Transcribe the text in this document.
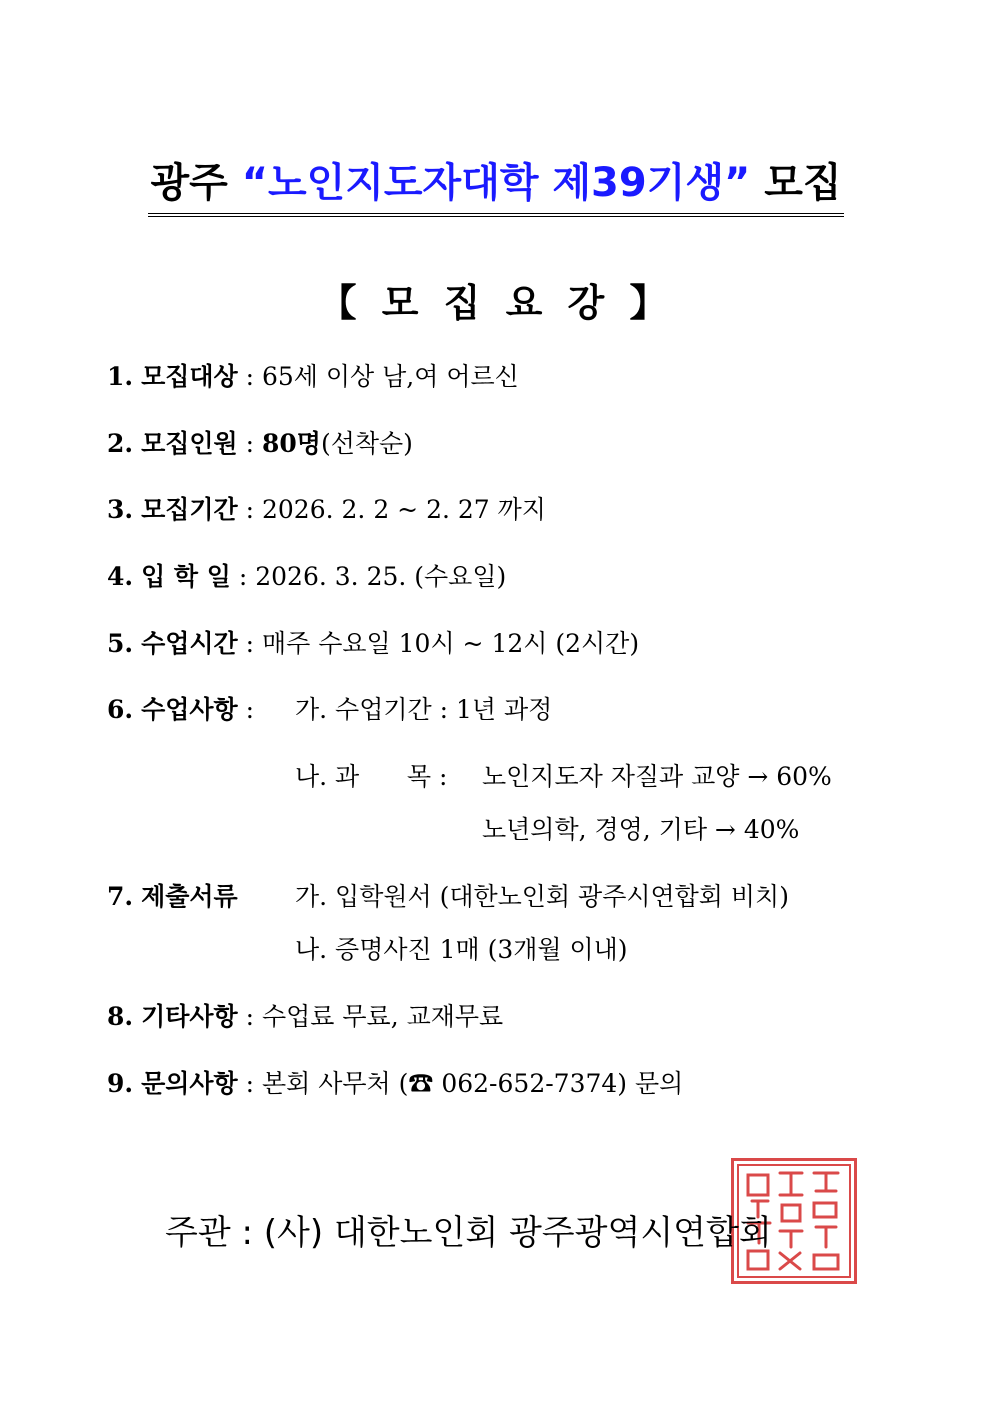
광주 “노인지도자대학 제39기생” 모집
【 모 집 요 강 】
1. 모집대상 : 65세 이상 남,여 어르신
2. 모집인원 : 80명(선착순)
3. 모집기간 : 2026. 2. 2 ~ 2. 27 까지
4. 입 학 일 : 2026. 3. 25. (수요일)
5. 수업시간 : 매주 수요일 10시 ~ 12시 (2시간)
6. 수업사항 : 가. 수업기간 : 1년 과정
나. 과      목 : 노인지도자 자질과 교양 → 60%
노년의학, 경영, 기타 → 40%
7. 제출서류 가. 입학원서 (대한노인회 광주시연합회 비치)
나. 증명사진 1매 (3개월 이내)
8. 기타사항 : 수업료 무료, 교재무료
9. 문의사항 : 본회 사무처 (☎ 062-652-7374) 문의
주관 : (사) 대한노인회 광주광역시연합회
